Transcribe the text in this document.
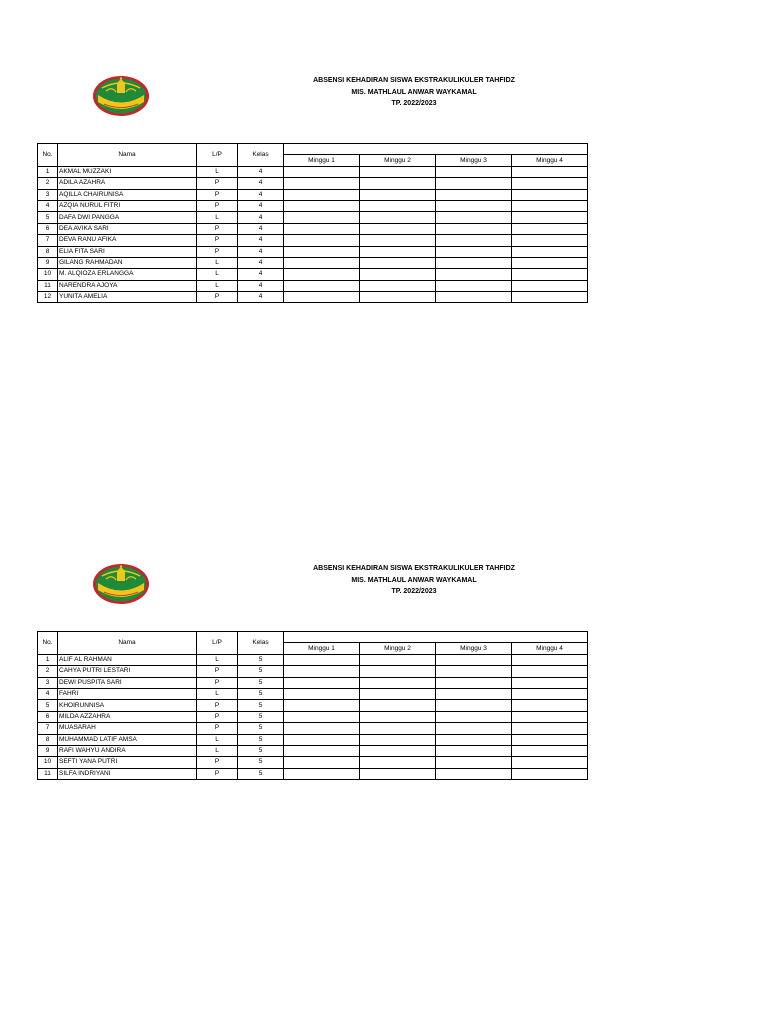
ABSENSI KEHADIRAN SISWA EKSTRAKULIKULER TAHFIDZ
MIS. MATHLAUL ANWAR WAYKAMAL
TP. 2022/2023
No.	Nama	L/P	Kelas				
				Minggu 1	Minggu 2	Minggu 3	Minggu 4
1	AKMAL MUZZAKI	L	4				
2	ADILA AZAHRA	P	4				
3	AQILLA CHAIRUNISA	P	4				
4	AZQIA NURUL FITRI	P	4				
5	DAFA DWI PANGGA	L	4				
6	DEA AVIKA SARI	P	4				
7	DEVA RANU AFIKA	P	4				
8	ELIA FITA SARI	P	4				
9	GILANG RAHMADAN	L	4				
10	M. ALQIOZA ERLANGGA	L	4				
11	NARENDRA AJOYA	L	4				
12	YUNITA AMELIA	P	4				
ABSENSI KEHADIRAN SISWA EKSTRAKULIKULER TAHFIDZ
MIS. MATHLAUL ANWAR WAYKAMAL
TP. 2022/2023
No.	Nama	L/P	Kelas				
				Minggu 1	Minggu 2	Minggu 3	Minggu 4
1	ALIF AL RAHMAN	L	5				
2	CAHYA PUTRI LESTARI	P	5				
3	DEWI PUSPITA SARI	P	5				
4	FAHRI	L	5				
5	KHOIRUNNISA	P	5				
6	MILDA AZZAHRA	P	5				
7	MUASARAH	P	5				
8	MUHAMMAD LATIF AMSA	L	5				
9	RAFI WAHYU ANDIRA	L	5				
10	SEFTI YANA PUTRI	P	5				
11	SILFA INDRIYANI	P	5				
